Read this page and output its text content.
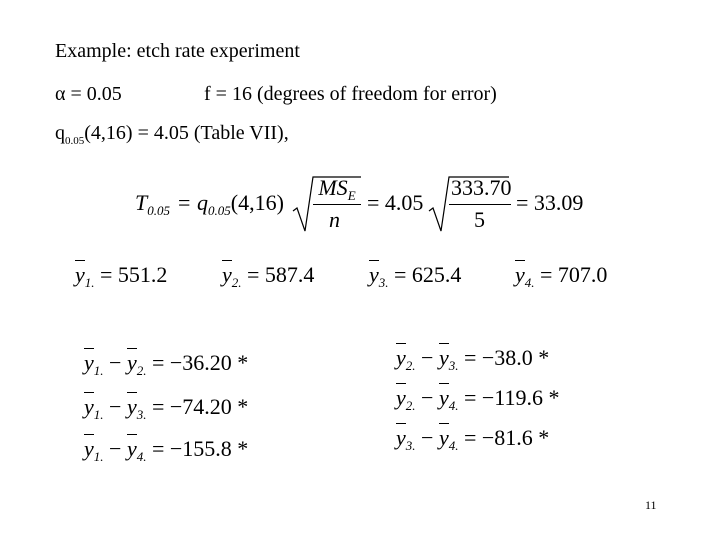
Example: etch rate experiment
α = 0.05	f = 16 (degrees of freedom for error)
$q_{0.05}(4,16) = 4.05$ (Table VII),
$T_{0.05} = q_{0.05}(4,16)$
$MS_E$
n
= 4.05
333.70
5
= 33.09
$y_{1.} = 551.2$ $y_{2.} = 587.4$ $y_{3.} = 625.4$ $y_{4.} = 707.0$
$y_{1.} - y_{2.} = -36.20$ *
$y_{1.} - y_{3.} = -74.20$ *
$y_{1.} - y_{4.} = -155.8$ *
$y_{2.} - y_{3.} = -38.0$ *
$y_{2.} - y_{4.} = -119.6$ *
$y_{3.} - y_{4.} = -81.6$ *
11
